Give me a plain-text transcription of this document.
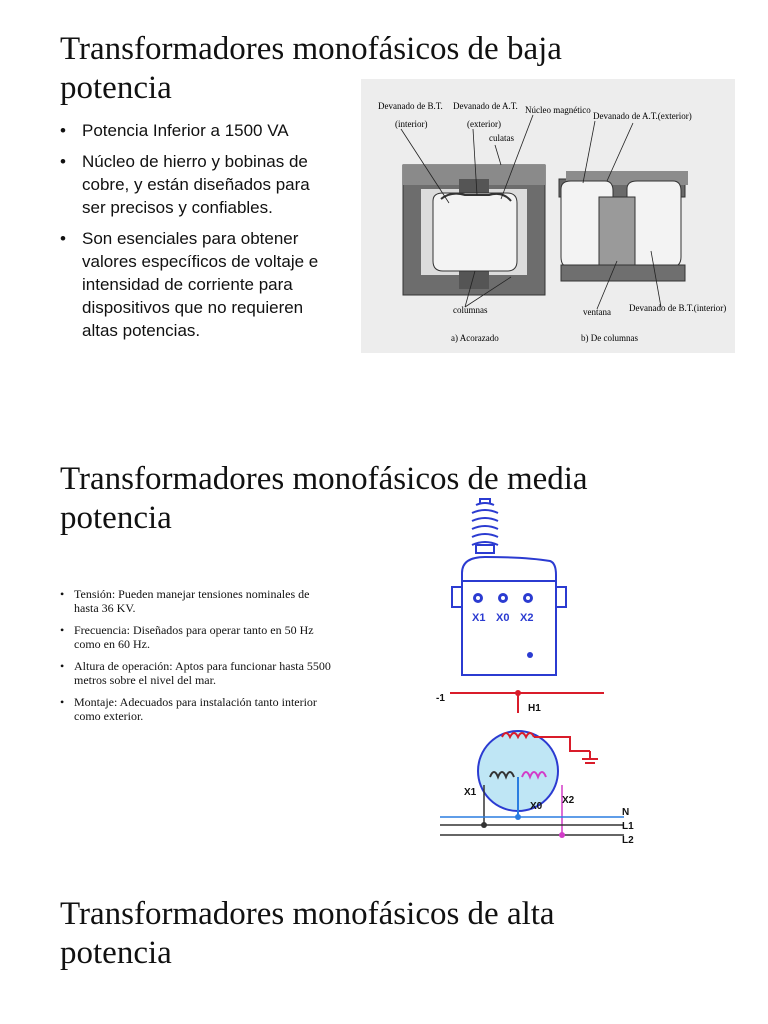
Transformadores monofásicos de baja
potencia
• Potencia Inferior a 1500 VA
• Núcleo de hierro y bobinas de cobre, y están diseñados para ser precisos y confiables.
• Son esenciales para obtener valores específicos de voltaje e intensidad de corriente para dispositivos que no requieren altas potencias.
Devanado de B.T.
(interior)
Devanado de A.T.
(exterior)
culatas
Núcleo magnético
Devanado de A.T.(exterior)
columnas	ventana Devanado de B.T.(interior)
a) Acorazado	b) De columnas
Transformadores monofásicos de media
potencia
• Tensión: Pueden manejar tensiones nominales de hasta 36 KV.
• Frecuencia: Diseñados para operar tanto en 50 Hz como en 60 Hz.
• Altura de operación: Aptos para funcionar hasta 5500 metros sobre el nivel del mar.
• Montaje: Adecuados para instalación tanto interior como exterior.
X1 X0 X2
-1
H1
X1
X0
X2
N
L1
L2
Transformadores monofásicos de alta
potencia
